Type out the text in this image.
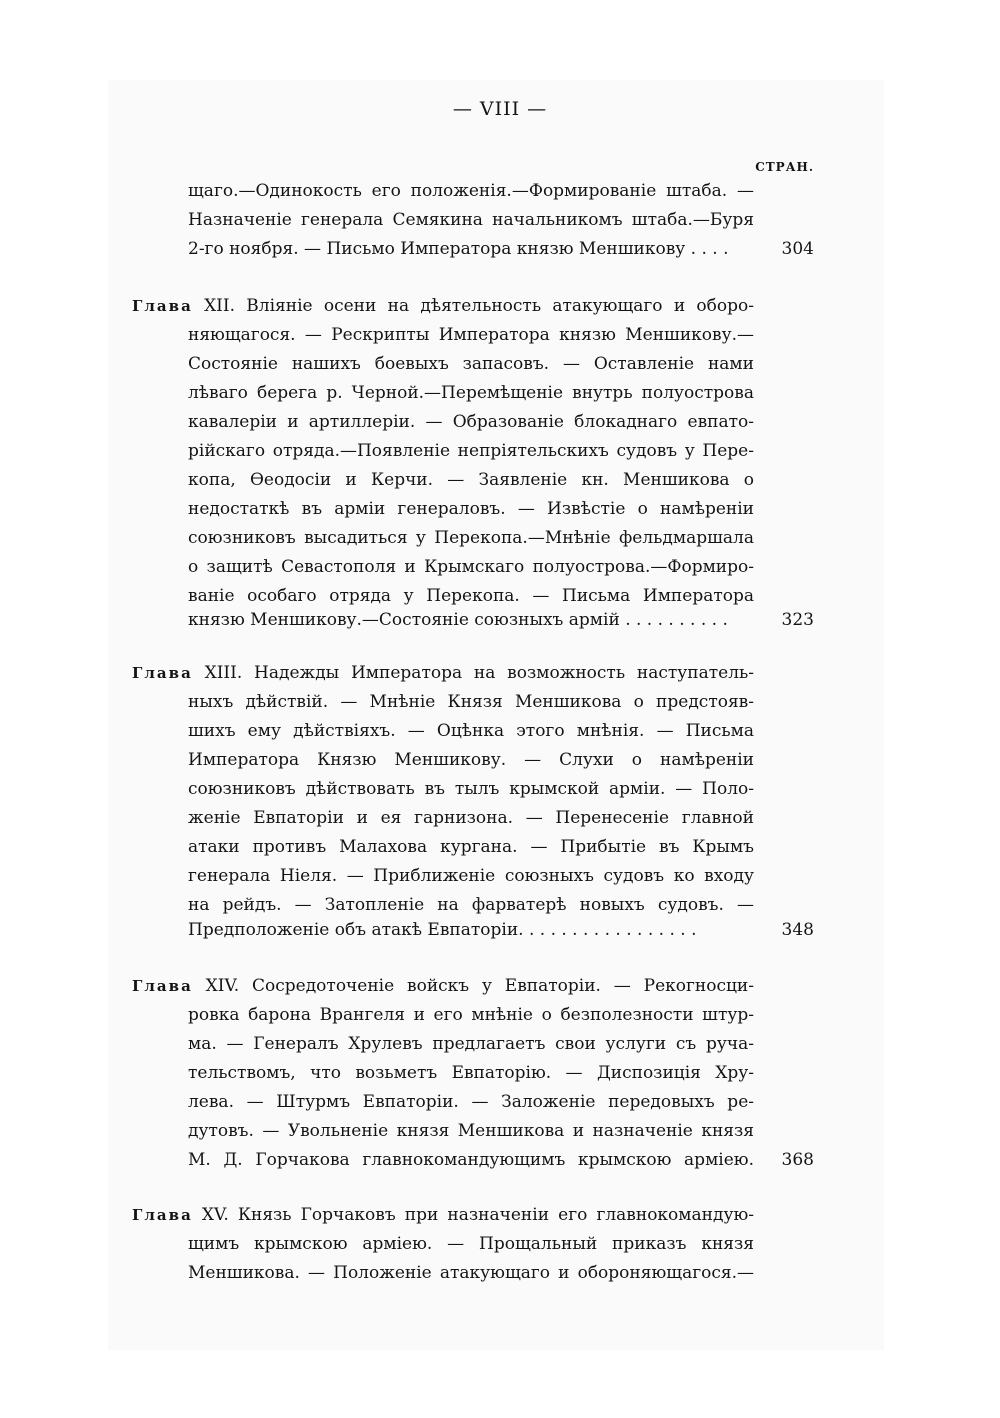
— VIII —
СТРАН.
щаго.—Одинокость его положенія.—Формированіе штаба. —
Назначеніе генерала Семякина начальникомъ штаба.—Буря
2-го ноября. — Письмо Императора князю Меншикову . . . .	304
Глава XII. Вліяніе осени на дѣятельность атакующаго и оборо-
няющагося. — Рескрипты Императора князю Меншикову.—
Состояніе нашихъ боевыхъ запасовъ. — Оставленіе нами
лѣваго берега р. Черной.—Перемѣщеніе внутрь полуострова
кавалеріи и артиллеріи. — Образованіе блокаднаго евпато-
рійскаго отряда.—Появленіе непріятельскихъ судовъ у Пере-
копа, Ѳеодосіи и Керчи. — Заявленіе кн. Меншикова о
недостаткѣ въ арміи генераловъ. — Извѣстіе о намѣреніи
союзниковъ высадиться у Перекопа.—Мнѣніе фельдмаршала
о защитѣ Севастополя и Крымскаго полуострова.—Формиро-
ваніе особаго отряда у Перекопа. — Письма Императора
князю Меншикову.—Состояніе союзныхъ армій . . . . . . . . . .	323
Глава XIII. Надежды Императора на возможность наступатель-
ныхъ дѣйствій. — Мнѣніе Князя Меншикова о предстояв-
шихъ ему дѣйствіяхъ. — Оцѣнка этого мнѣнія. — Письма
Императора Князю Меншикову. — Слухи о намѣреніи
союзниковъ дѣйствовать въ тылъ крымской арміи. — Поло-
женіе Евпаторіи и ея гарнизона. — Перенесеніе главной
атаки противъ Малахова кургана. — Прибытіе въ Крымъ
генерала Ніеля. — Приближеніе союзныхъ судовъ ко входу
на рейдъ. — Затопленіе на фарватерѣ новыхъ судовъ. —
Предположеніе объ атакѣ Евпаторіи. . . . . . . . . . . . . . . . .	348
Глава XIV. Сосредоточеніе войскъ у Евпаторіи. — Рекогносци-
ровка барона Врангеля и его мнѣніе о безполезности штур-
ма. — Генералъ Хрулевъ предлагаетъ свои услуги съ руча-
тельствомъ, что возьметъ Евпаторію. — Диспозиція Хру-
лева. — Штурмъ Евпаторіи. — Заложеніе передовыхъ ре-
дутовъ. — Увольненіе князя Меншикова и назначеніе князя
М. Д. Горчакова главнокомандующимъ крымскою арміею. 368
Глава XV. Князь Горчаковъ при назначеніи его главнокомандую-
щимъ крымскою арміею. — Прощальный приказъ князя
Меншикова. — Положеніе атакующаго и обороняющагося.—
